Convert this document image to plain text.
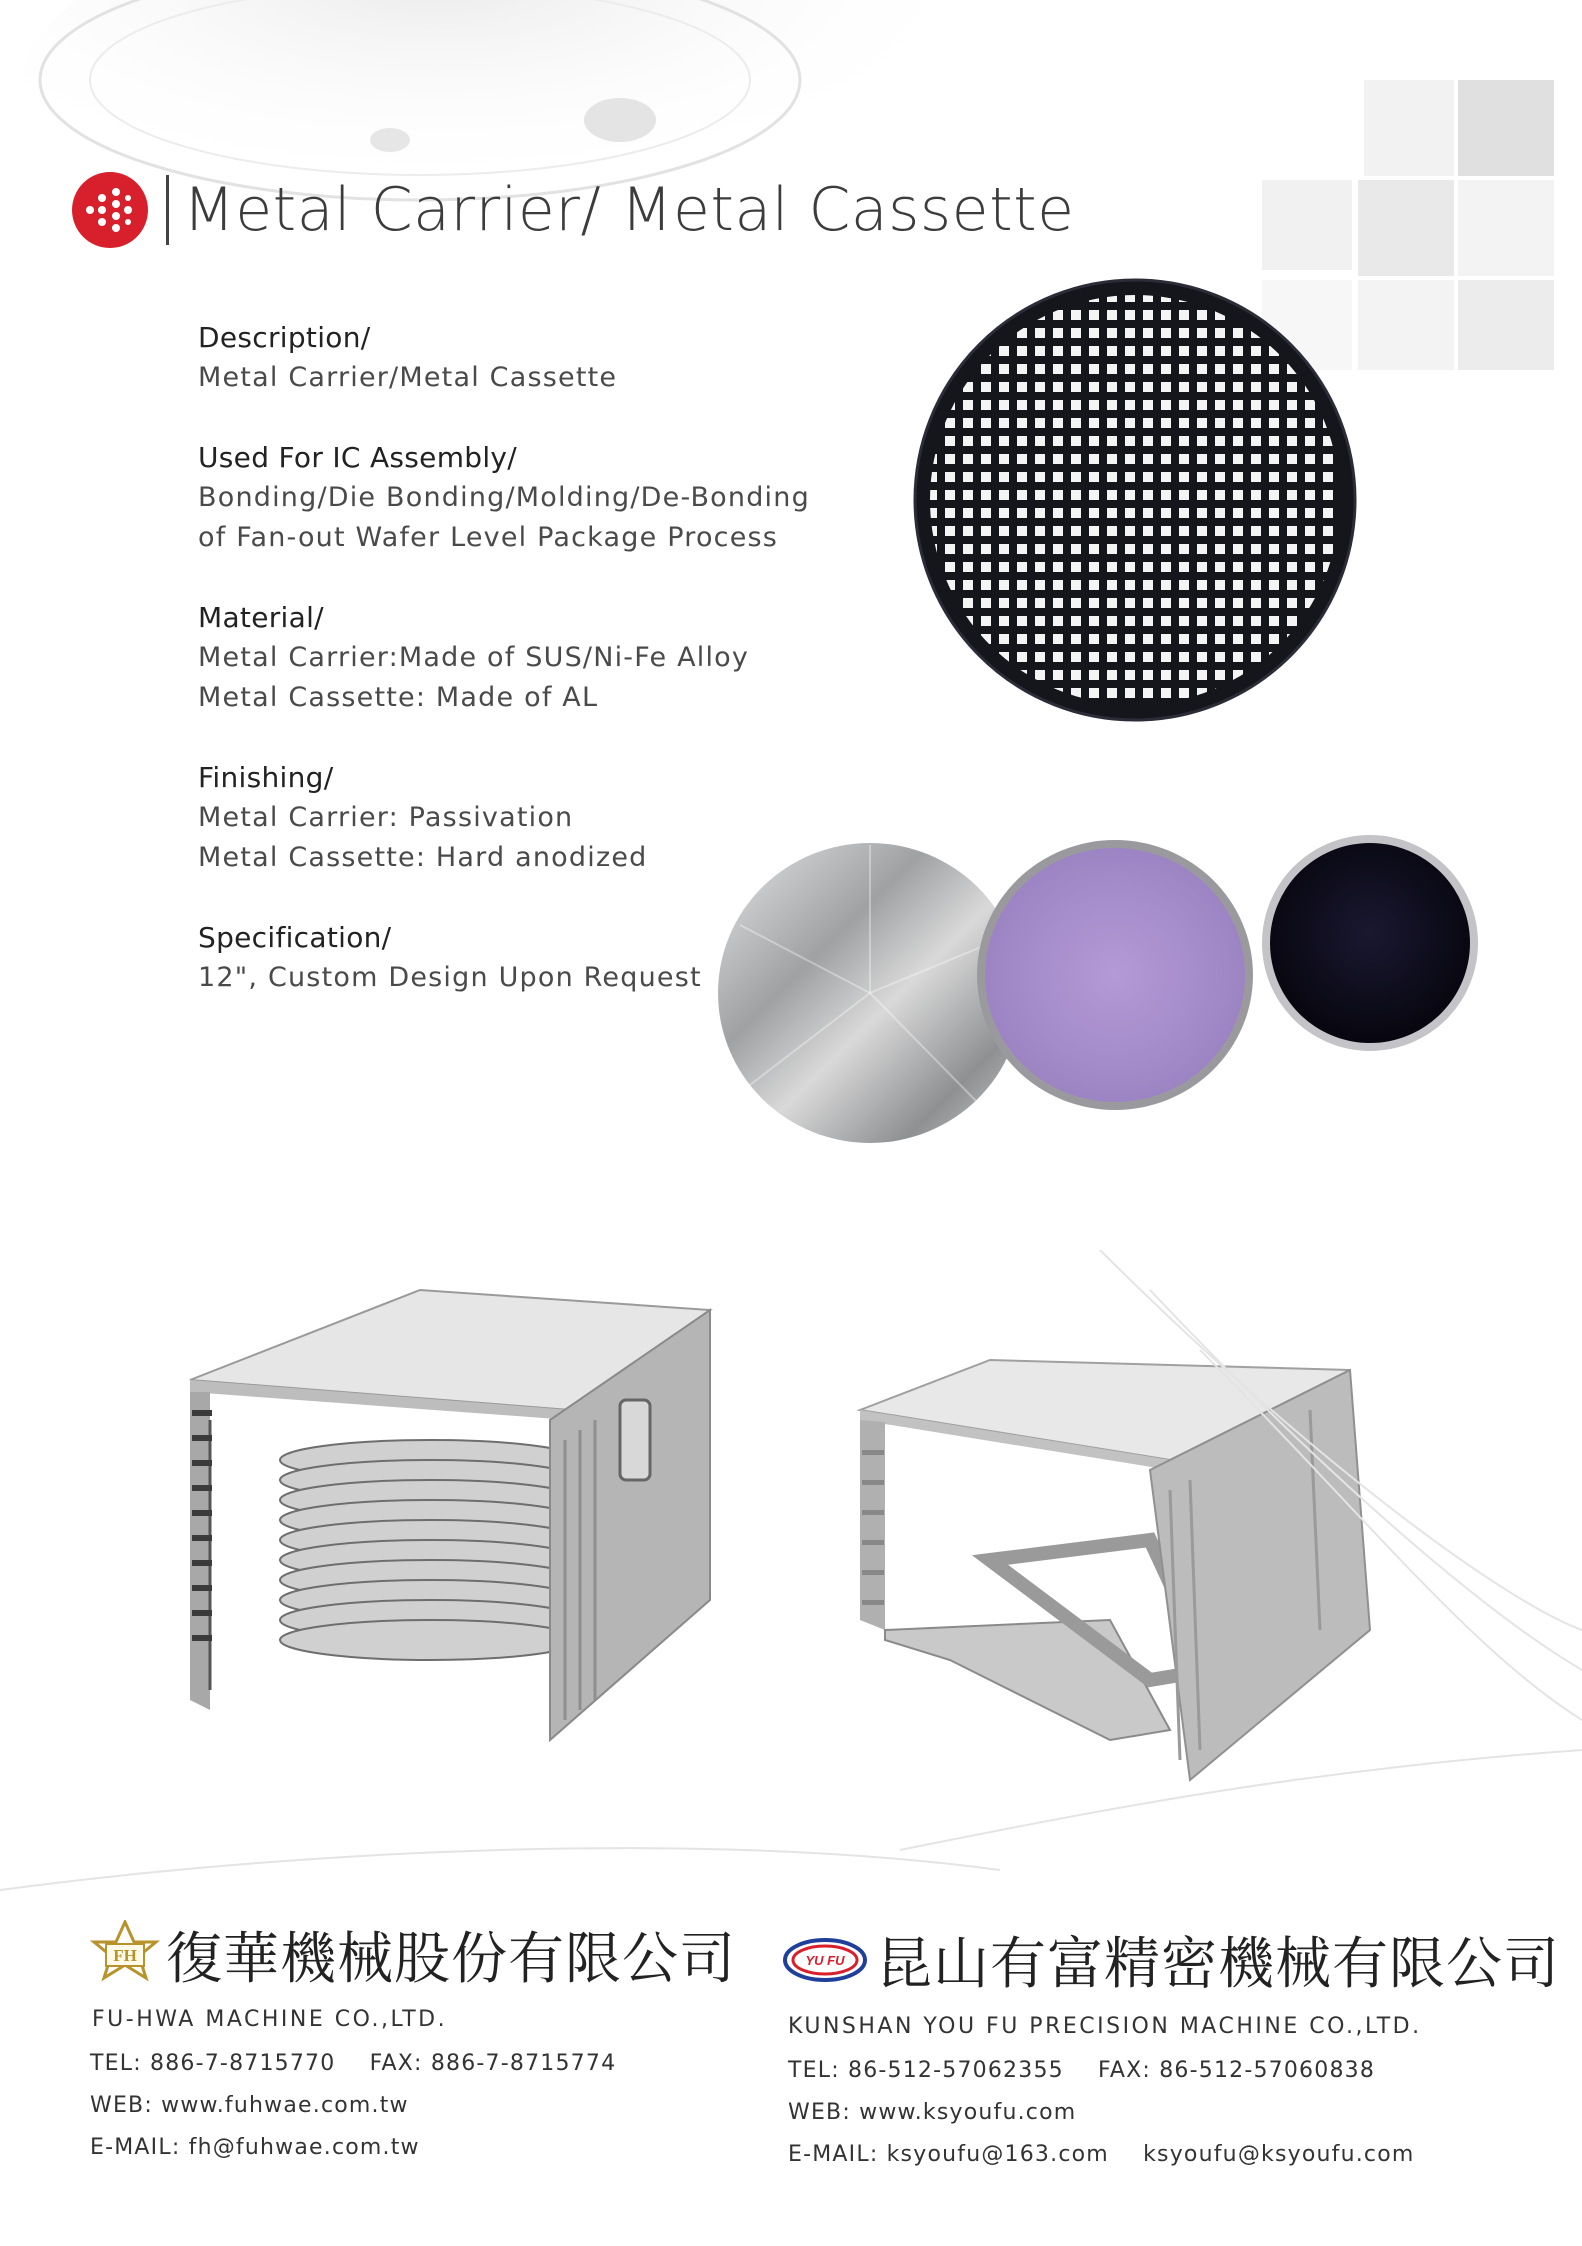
Metal Carrier/ Metal Cassette
Description/
Metal Carrier/Metal Cassette
Used For IC Assembly/
Bonding/Die Bonding/Molding/De-Bonding
of Fan-out Wafer Level Package Process
Material/
Metal Carrier:Made of SUS/Ni-Fe Alloy
Metal Cassette: Made of AL
Finishing/
Metal Carrier: Passivation
Metal Cassette: Hard anodized
Specification/
12", Custom Design Upon Request
FH 復華機械股份有限公司
FU-HWA MACHINE CO.,LTD.
TEL: 886-7-8715770 FAX: 886-7-8715774
WEB: www.fuhwae.com.tw
E-MAIL: fh@fuhwae.com.tw
YU FU 昆山有富精密機械有限公司
KUNSHAN YOU FU PRECISION MACHINE CO.,LTD.
TEL: 86-512-57062355 FAX: 86-512-57060838
WEB: www.ksyoufu.com
E-MAIL: ksyoufu@163.com ksyoufu@ksyoufu.com
